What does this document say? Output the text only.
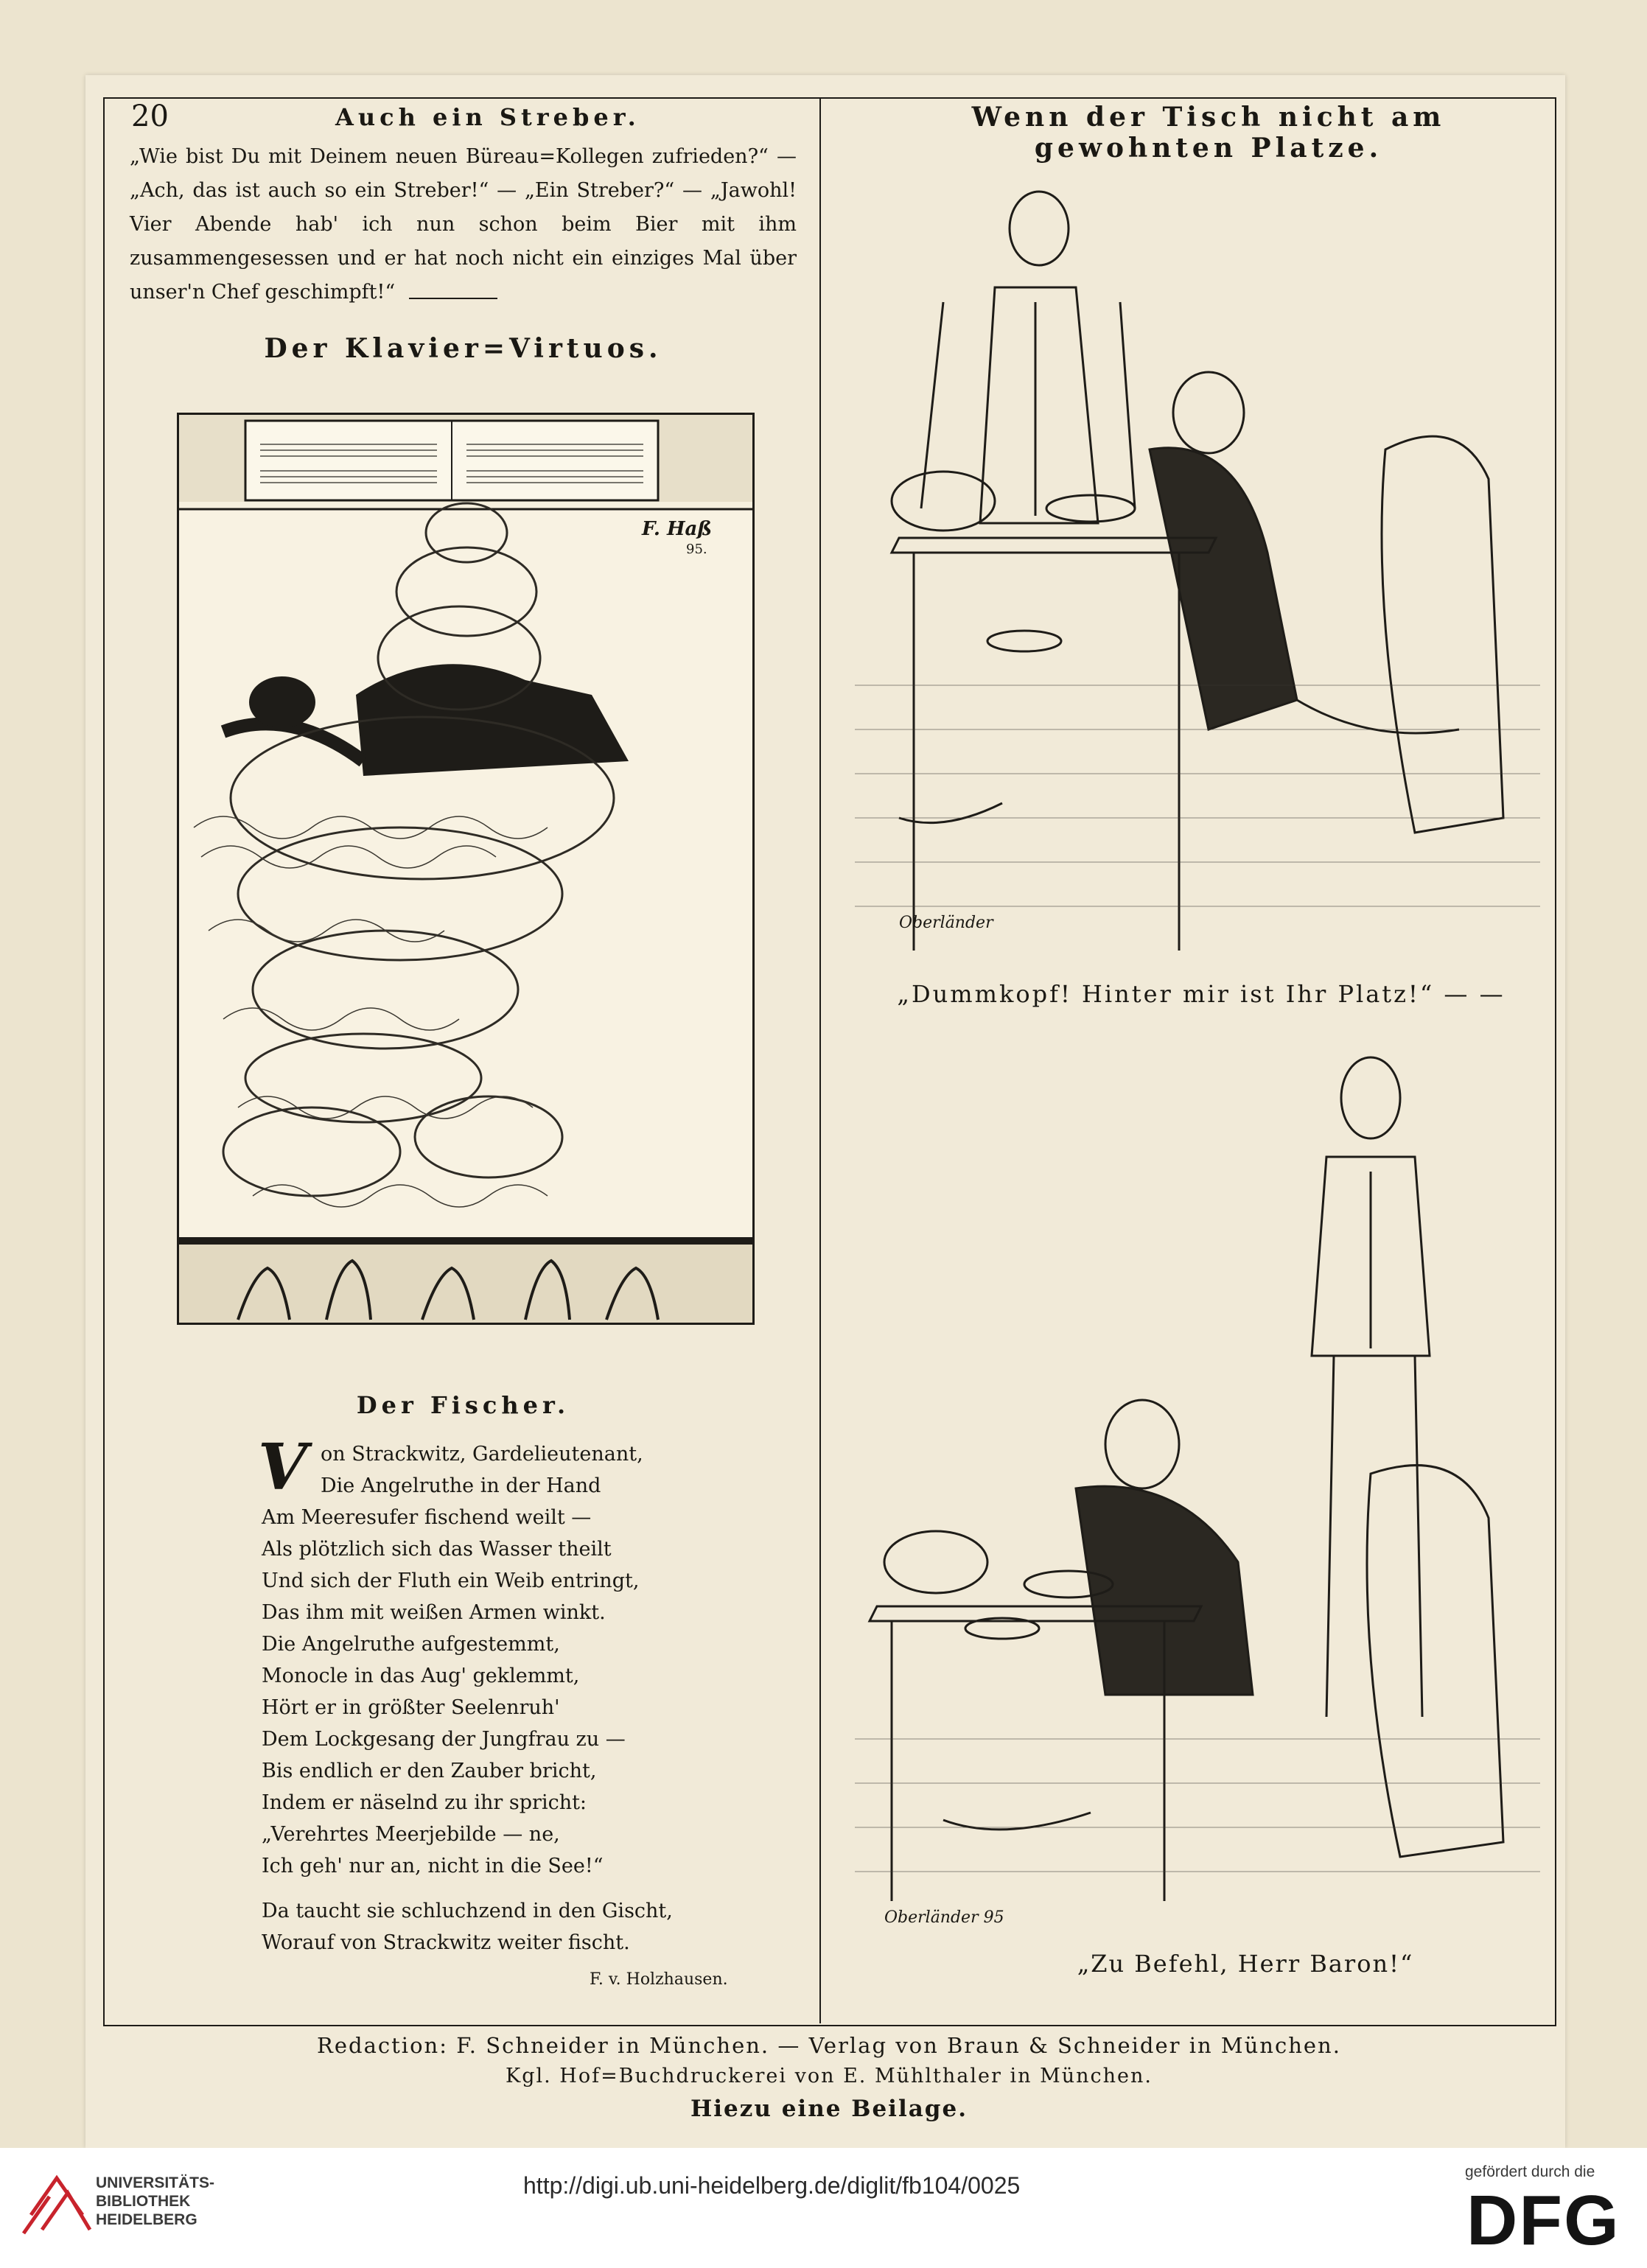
20	Auch ein Streber.	Wenn der Tisch nicht am gewohnten Platze.
„Wie bist Du mit Deinem neuen Büreau=Kollegen zufrieden?“ — „Ach, das ist auch so ein Streber!“ — „Ein Streber?“ — „Jawohl! Vier Abende hab' ich nun schon beim Bier mit ihm zusammengesessen und er hat noch nicht ein einziges Mal über unser'n Chef geschimpft!“
Der Klavier=Virtuos.
F. Haß
95.
Der Fischer.
V on Strackwitz, Gardelieutenant,
Die Angelruthe in der Hand
Am Meeresufer fischend weilt —
Als plötzlich sich das Wasser theilt
Und sich der Fluth ein Weib entringt,
Das ihm mit weißen Armen winkt.
Die Angelruthe aufgestemmt,
Monocle in das Aug' geklemmt,
Hört er in größter Seelenruh'
Dem Lockgesang der Jungfrau zu —
Bis endlich er den Zauber bricht,
Indem er näselnd zu ihr spricht:
„Verehrtes Meerjebilde — ne,
Ich geh' nur an, nicht in die See!“
Da taucht sie schluchzend in den Gischt,
Worauf von Strackwitz weiter fischt.
F. v. Holzhausen.
Oberländer
„Dummkopf! Hinter mir ist Ihr Platz!“ — —
Oberländer 95
„Zu Befehl, Herr Baron!“
Redaction: F. Schneider in München. — Verlag von Braun & Schneider in München.
Kgl. Hof=Buchdruckerei von E. Mühlthaler in München.
Hiezu eine Beilage.
UNIVERSITÄTS-
BIBLIOTHEK
HEIDELBERG
http://digi.ub.uni-heidelberg.de/diglit/fb104/0025
gefördert durch die
DFG
